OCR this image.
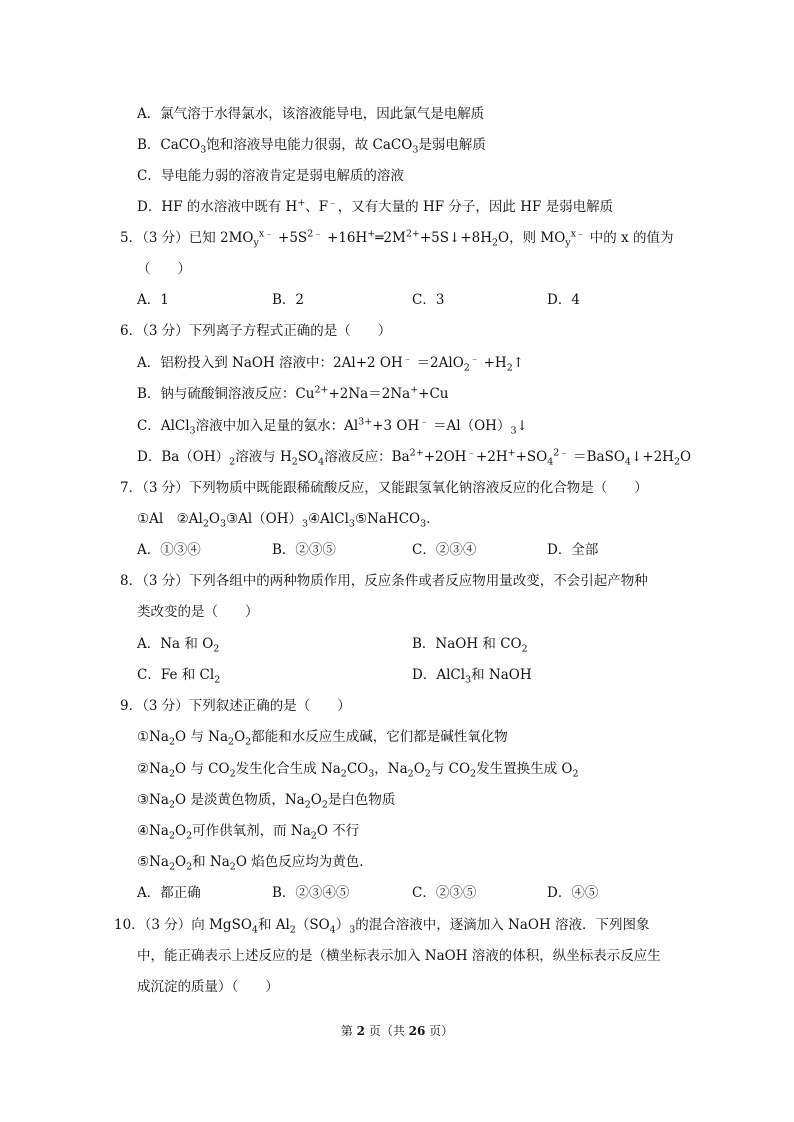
A．氯气溶于水得氯水，该溶液能导电，因此氯气是电解质
B．CaCO$_3$饱和溶液导电能力很弱，故 CaCO$_3$是弱电解质
C．导电能力弱的溶液肯定是弱电解质的溶液
D．HF 的水溶液中既有 H+、F﹣，又有大量的 HF 分子，因此 HF 是弱电解质
5．（3 分）已知 $2MO_y^{x﹣} +5S^{2﹣}$ $+16H^+═2M^{2+}+5S↓+8H_2O$，则 $MO_y^{x﹣}$ 中的 x 的值为
（　　）
A．1	B．2	C．3	D．4
6．（3 分）下列离子方程式正确的是（　　）
A．铝粉投入到 NaOH 溶液中：2Al+2 $OH^﹣ =2AlO_2^﹣ +H_2↑$
B．钠与硫酸铜溶液反应：$Cu^{2+}+2Na=2Na^++Cu$
C．AlCl$_3$溶液中加入足量的氨水：$Al^{3+}+3$ $OH^﹣ =Al(OH)_3↓$
D．$Ba(OH)_2$溶液与 $H_2SO_4$溶液反应：$Ba^{2+}+2OH^﹣+2H^++SO_4^{2﹣}$ $=BaSO_4↓+2H_2O$
7．（3 分）下列物质中既能跟稀硫酸反应，又能跟氢氧化钠溶液反应的化合物是（　　）
①Al　$②Al_2O_3③Al(OH)_3④AlCl_3⑤NaHCO_3$.
A．①③④	B．②③⑤	C．②③④	D．全部
8．（3 分）下列各组中的两种物质作用，反应条件或者反应物用量改变，不会引起产物种
类改变的是（　　）
A．Na 和 $O_2$	B．NaOH 和 $CO_2$
C．Fe 和 $Cl_2$	D．AlCl$_3$和 NaOH
9．（3 分）下列叙述正确的是（　　）
$①Na_2O$ 与 $Na_2O_2$都能和水反应生成碱，它们都是碱性氧化物
$②Na_2O$ 与 $CO_2$发生化合生成 $Na_2CO_3$，$Na_2O_2$与 $CO_2$发生置换生成 $O_2$
$③Na_2O$ 是淡黄色物质，$Na_2O_2$是白色物质
$④Na_2O_2$可作供氧剂，而 $Na_2O$ 不行
$⑤Na_2O_2$和 $Na_2O$ 焰色反应均为黄色.
A．都正确	B．②③④⑤	C．②③⑤	D．④⑤
10．（3 分）向 MgSO$_4$和 $Al_2(SO_4)_3$的混合溶液中，逐滴加入 NaOH 溶液．下列图象
中，能正确表示上述反应的是（横坐标表示加入 NaOH 溶液的体积，纵坐标表示反应生
成沉淀的质量）（　　）
第 2 页（共 26 页）
